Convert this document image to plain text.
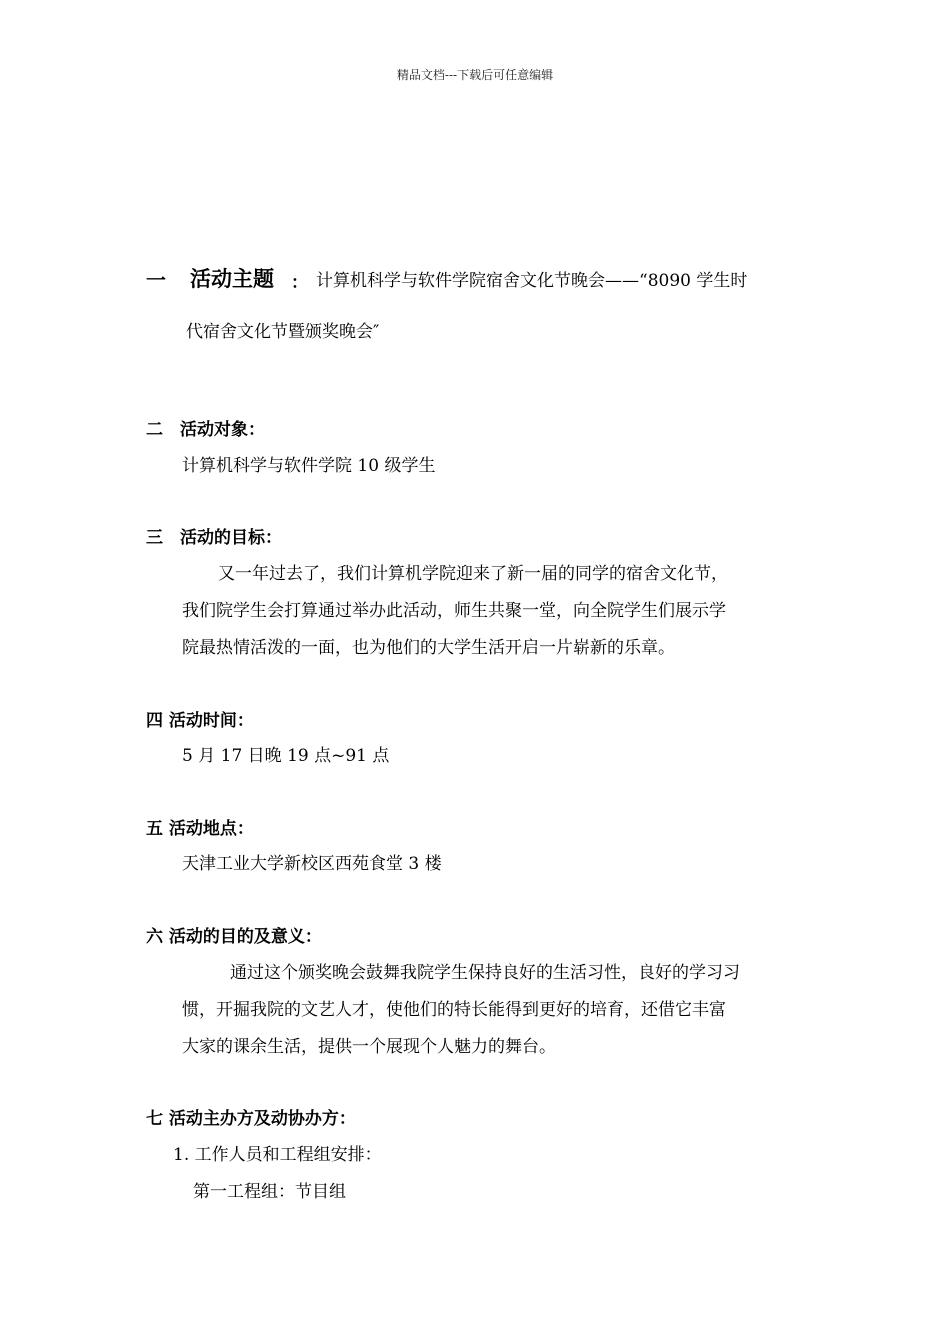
精品文档---下载后可任意编辑
一 活动主题 ： 计算机科学与软件学院宿舍文化节晚会——“8090 学生时
代宿舍文化节暨颁奖晚会″
二　活动对象：
计算机科学与软件学院 10 级学生
三　活动的目标：
又一年过去了，我们计算机学院迎来了新一届的同学的宿舍文化节，
我们院学生会打算通过举办此活动，师生共聚一堂，向全院学生们展示学
院最热情活泼的一面，也为他们的大学生活开启一片崭新的乐章。
四 活动时间：
5 月 17 日晚 19 点~91 点
五 活动地点：
天津工业大学新校区西苑食堂 3 楼
六 活动的目的及意义：
通过这个颁奖晚会鼓舞我院学生保持良好的生活习性，良好的学习习
惯，开掘我院的文艺人才，使他们的特长能得到更好的培育，还借它丰富
大家的课余生活，提供一个展现个人魅力的舞台。
七 活动主办方及动协办方：
1. 工作人员和工程组安排：
第一工程组：节目组
